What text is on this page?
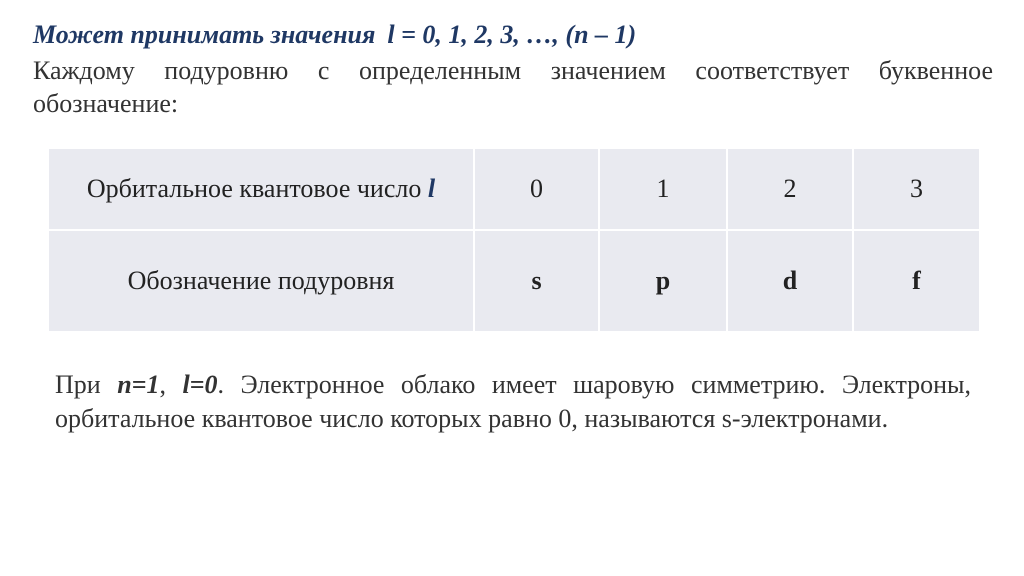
Может принимать значения l = 0, 1, 2, 3, …, (n – 1)
Каждому подуровню с определенным значением соответствует буквенное обозначение:
Орбитальное квантовое число l	0	1	2	3
Обозначение подуровня	s	p	d	f
При n=1, l=0. Электронное облако имеет шаровую симметрию. Электроны, орбитальное квантовое число которых равно 0, называются s-электронами.
